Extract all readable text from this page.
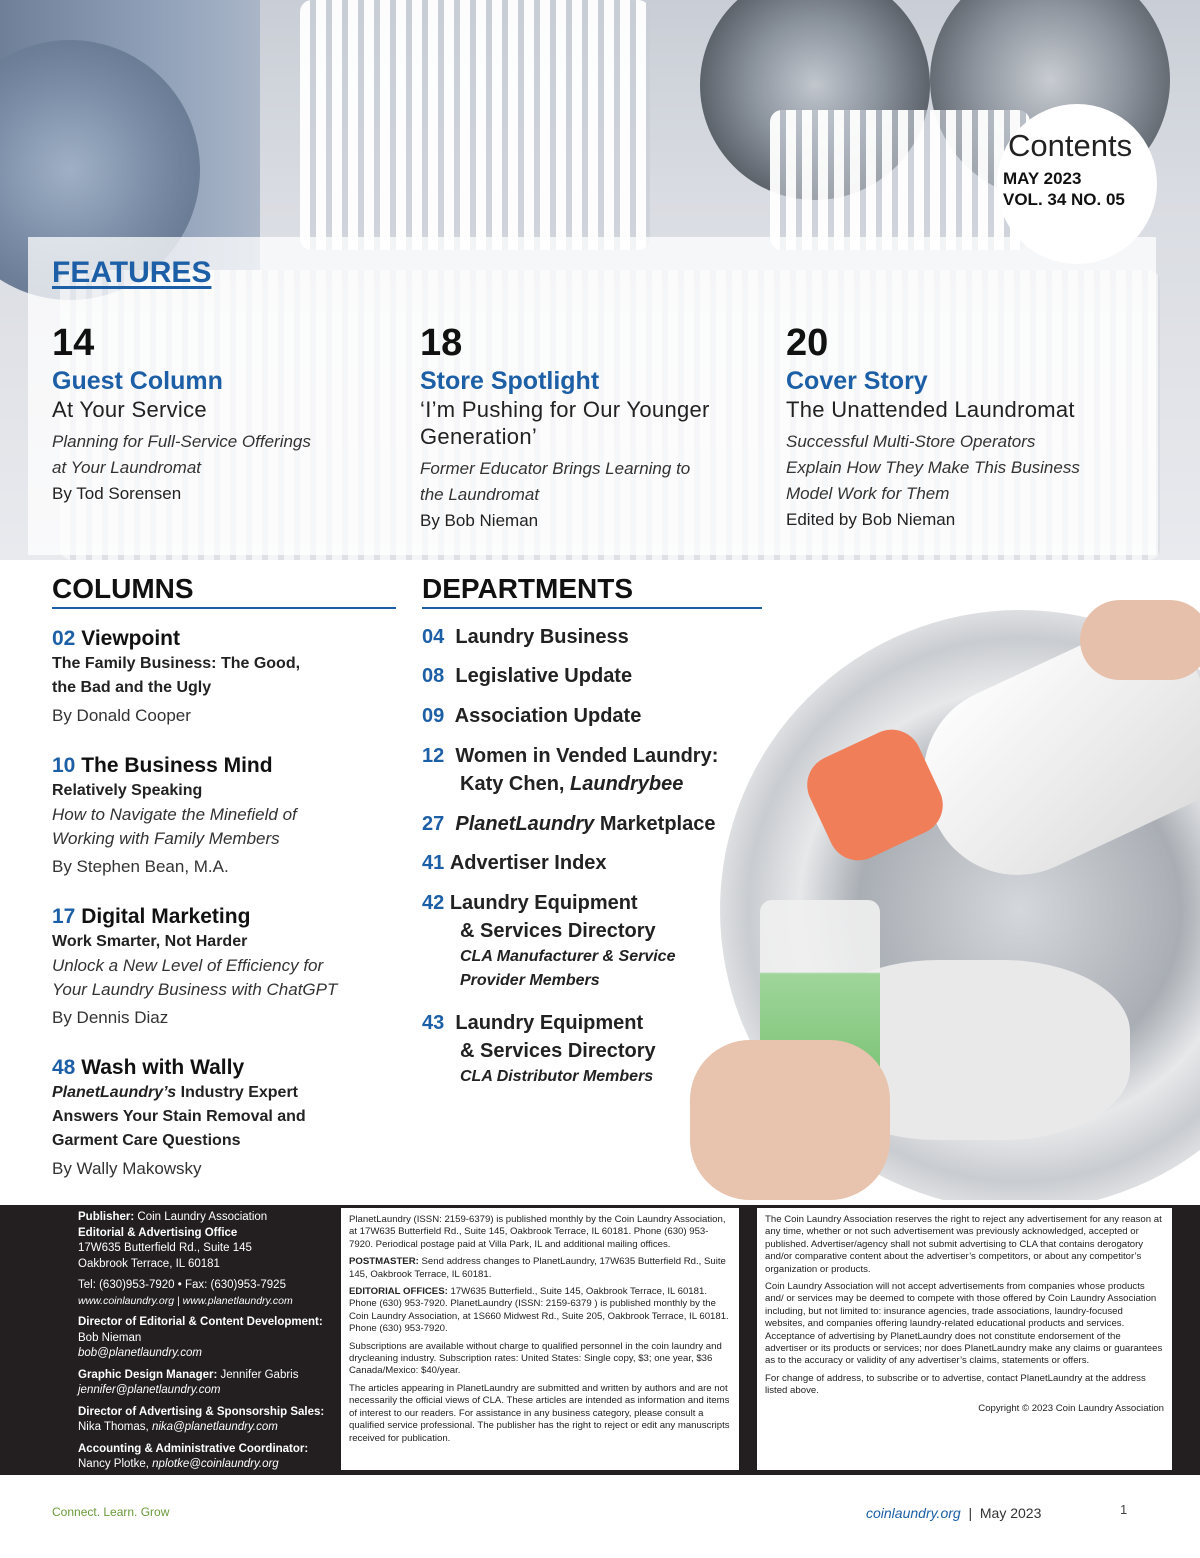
Contents
MAY 2023
VOL. 34 NO. 05
FEATURES
14
Guest Column
At Your Service
Planning for Full-Service Offerings
at Your Laundromat
By Tod Sorensen
18
Store Spotlight
‘I’m Pushing for Our Younger Generation’
Former Educator Brings Learning to
the Laundromat
By Bob Nieman
20
Cover Story
The Unattended Laundromat
Successful Multi-Store Operators
Explain How They Make This Business
Model Work for Them
Edited by Bob Nieman
COLUMNS
02 Viewpoint
The Family Business: The Good,
the Bad and the Ugly
By Donald Cooper
10 The Business Mind
Relatively Speaking
How to Navigate the Minefield of
Working with Family Members
By Stephen Bean, M.A.
17 Digital Marketing
Work Smarter, Not Harder
Unlock a New Level of Efficiency for
Your Laundry Business with ChatGPT
By Dennis Diaz
48 Wash with Wally
PlanetLaundry’s Industry Expert
Answers Your Stain Removal and
Garment Care Questions
By Wally Makowsky
DEPARTMENTS
04 Laundry Business
08 Legislative Update
09 Association Update
12 Women in Vended Laundry:
Katy Chen, Laundrybee
27 PlanetLaundry Marketplace
41 Advertiser Index
42 Laundry Equipment
& Services Directory
CLA Manufacturer & Service
Provider Members
43 Laundry Equipment
& Services Directory
CLA Distributor Members
Publisher: Coin Laundry Association
Editorial & Advertising Office
17W635 Butterfield Rd., Suite 145
Oakbrook Terrace, IL 60181
Tel: (630)953-7920 • Fax: (630)953-7925
www.coinlaundry.org | www.planetlaundry.com
Director of Editorial & Content Development:
Bob Nieman
bob@planetlaundry.com
Graphic Design Manager: Jennifer Gabris
jennifer@planetlaundry.com
Director of Advertising & Sponsorship Sales:
Nika Thomas, nika@planetlaundry.com
Accounting & Administrative Coordinator:
Nancy Plotke, nplotke@coinlaundry.org

PlanetLaundry (ISSN: 2159-6379) is published monthly by the Coin Laundry Association, at 17W635 Butterfield Rd., Suite 145, Oakbrook Terrace, IL 60181. Phone (630) 953-7920. Periodical postage paid at Villa Park, IL and additional mailing offices.

POSTMASTER: Send address changes to PlanetLaundry, 17W635 Butterfield Rd., Suite 145, Oakbrook Terrace, IL 60181.

EDITORIAL OFFICES: 17W635 Butterfield., Suite 145, Oakbrook Terrace, IL 60181. Phone (630) 953-7920. PlanetLaundry (ISSN: 2159-6379 ) is published monthly by the Coin Laundry Association, at 1S660 Midwest Rd., Suite 205, Oakbrook Terrace, IL 60181. Phone (630) 953-7920.

Subscriptions are available without charge to qualified personnel in the coin laundry and drycleaning industry. Subscription rates: United States: Single copy, $3; one year, $36 Canada/Mexico: $40/year.

The articles appearing in PlanetLaundry are submitted and written by authors and are not necessarily the official views of CLA. These articles are intended as information and items of interest to our readers. For assistance in any business category, please consult a qualified service professional. The publisher has the right to reject or edit any manuscripts received for publication.

The Coin Laundry Association reserves the right to reject any advertisement for any reason at any time, whether or not such advertisement was previously acknowledged, accepted or published. Advertiser/agency shall not submit advertising to CLA that contains derogatory and/or comparative content about the advertiser’s competitors, or about any competitor’s organization or products.

Coin Laundry Association will not accept advertisements from companies whose products and/ or services may be deemed to compete with those offered by Coin Laundry Association including, but not limited to: insurance agencies, trade associations, laundry-focused websites, and companies offering laundry-related educational products and services. Acceptance of advertising by PlanetLaundry does not constitute endorsement of the advertiser or its products or services; nor does PlanetLaundry make any claims or guarantees as to the accuracy or validity of any advertiser’s claims, statements or offers.

For change of address, to subscribe or to advertise, contact PlanetLaundry at the address listed above.

Copyright © 2023 Coin Laundry Association

Connect. Learn. Grow	coinlaundry.org  |  May 2023	1
